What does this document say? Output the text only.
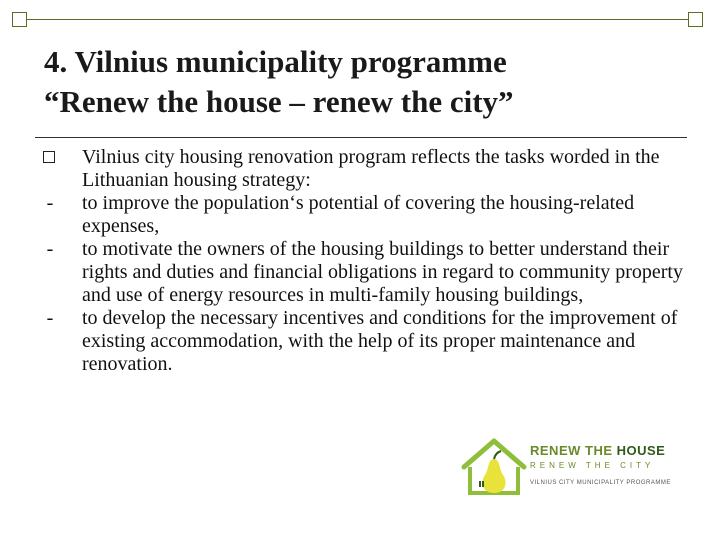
4. Vilnius municipality programme
“Renew the house – renew the city”
Vilnius city housing renovation program reflects the tasks worded in the Lithuanian housing strategy:
-	to improve the population‘s potential of covering the housing-related expenses,
-	to motivate the owners of the housing buildings to better understand their rights and duties and financial obligations in regard to community property and use of energy resources in multi-family housing buildings,
-	to develop the necessary incentives and conditions for the improvement of existing accommodation, with the help of its proper maintenance and renovation.
RENEW THE HOUSE
RENEW THE CITY
VILNIUS CITY MUNICIPALITY PROGRAMME
